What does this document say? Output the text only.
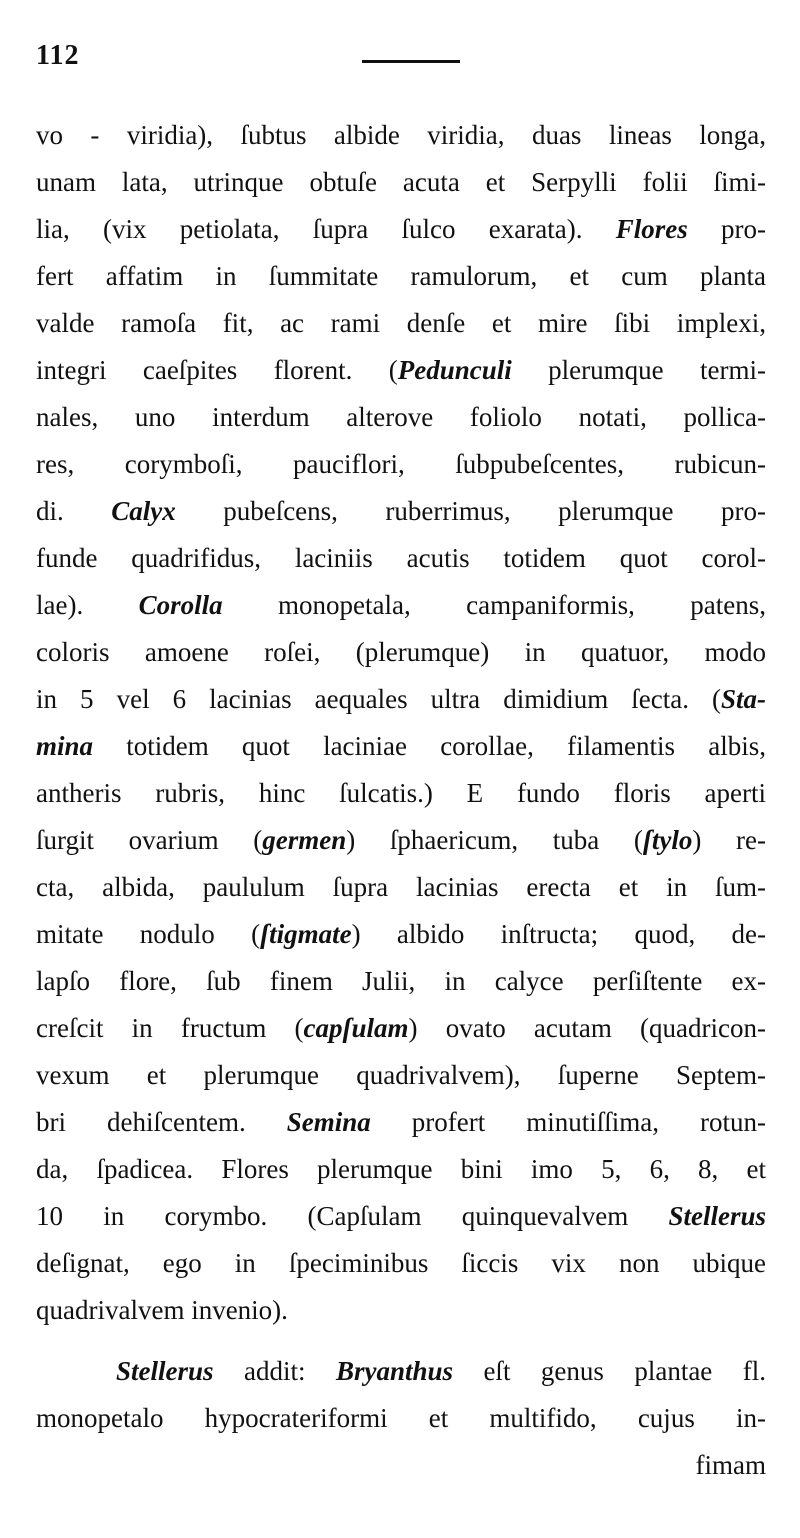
112
vo - viridia), ſubtus albide viridia, duas lineas longa,
unam lata, utrinque obtuſe acuta et Serpylli folii ſimi-
lia, (vix petiolata, ſupra ſulco exarata). Flores pro-
fert affatim in ſummitate ramulorum, et cum planta
valde ramoſa fit, ac rami denſe et mire ſibi implexi,
integri caeſpites florent. (Pedunculi plerumque termi-
nales, uno interdum alterove foliolo notati, pollica-
res, corymboſi, pauciflori, ſubpubeſcentes, rubicun-
di. Calyx pubeſcens, ruberrimus, plerumque pro-
funde quadrifidus, laciniis acutis totidem quot corol-
lae). Corolla monopetala, campaniformis, patens,
coloris amoene roſei, (plerumque) in quatuor, modo
in 5 vel 6 lacinias aequales ultra dimidium ſecta. (Sta-
mina totidem quot laciniae corollae, filamentis albis,
antheris rubris, hinc ſulcatis.) E fundo floris aperti
ſurgit ovarium (germen) ſphaericum, tuba (ſtylo) re-
cta, albida, paululum ſupra lacinias erecta et in ſum-
mitate nodulo (ſtigmate) albido inſtructa; quod, de-
lapſo flore, ſub finem Julii, in calyce perſiſtente ex-
creſcit in fructum (capſulam) ovato acutam (quadricon-
vexum et plerumque quadrivalvem), ſuperne Septem-
bri dehiſcentem. Semina profert minutiſſima, rotun-
da, ſpadicea. Flores plerumque bini imo 5, 6, 8, et
10 in corymbo. (Capſulam quinquevalvem Stellerus
deſignat, ego in ſpeciminibus ſiccis vix non ubique
quadrivalvem invenio).
Stellerus addit: Bryanthus eſt genus plantae fl.
monopetalo hypocrateriformi et multifido, cujus in-
fimam
